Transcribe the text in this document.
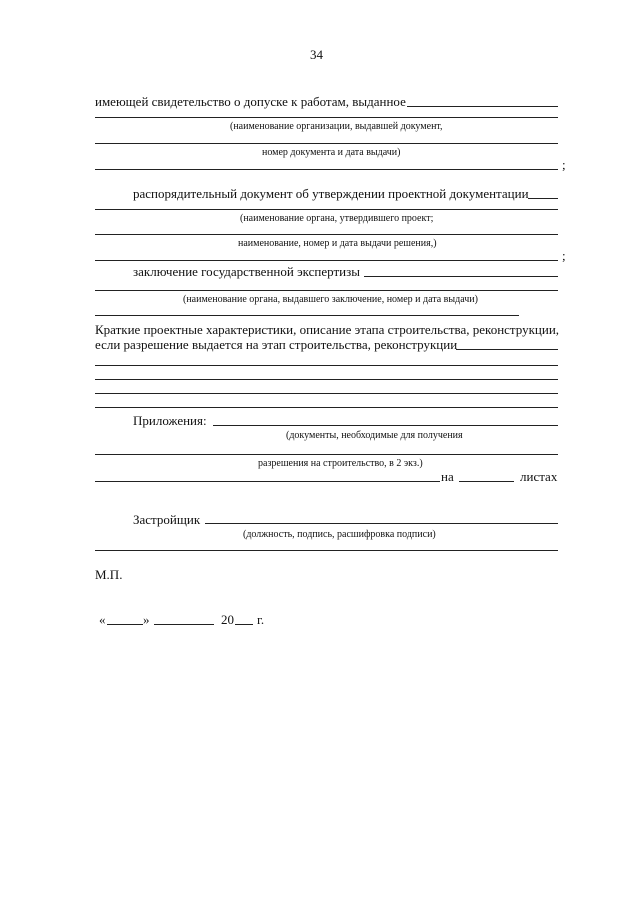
34
имеющей свидетельство о допуске к работам, выданное
(наименование организации, выдавшей документ,
номер документа и дата выдачи)
;
распорядительный документ об утверждении проектной документации
(наименование органа, утвердившего проект;
наименование, номер и дата выдачи решения,)
;
заключение государственной экспертизы
(наименование органа, выдавшего заключение, номер и дата выдачи)
Краткие проектные характеристики, описание этапа строительства, реконструкции,
если разрешение выдается на этап строительства, реконструкции
Приложения:
(документы, необходимые для получения
разрешения на строительство, в 2 экз.)
на	листах
Застройщик
(должность, подпись, расшифровка подписи)
М.П.
«	»	20 г.
